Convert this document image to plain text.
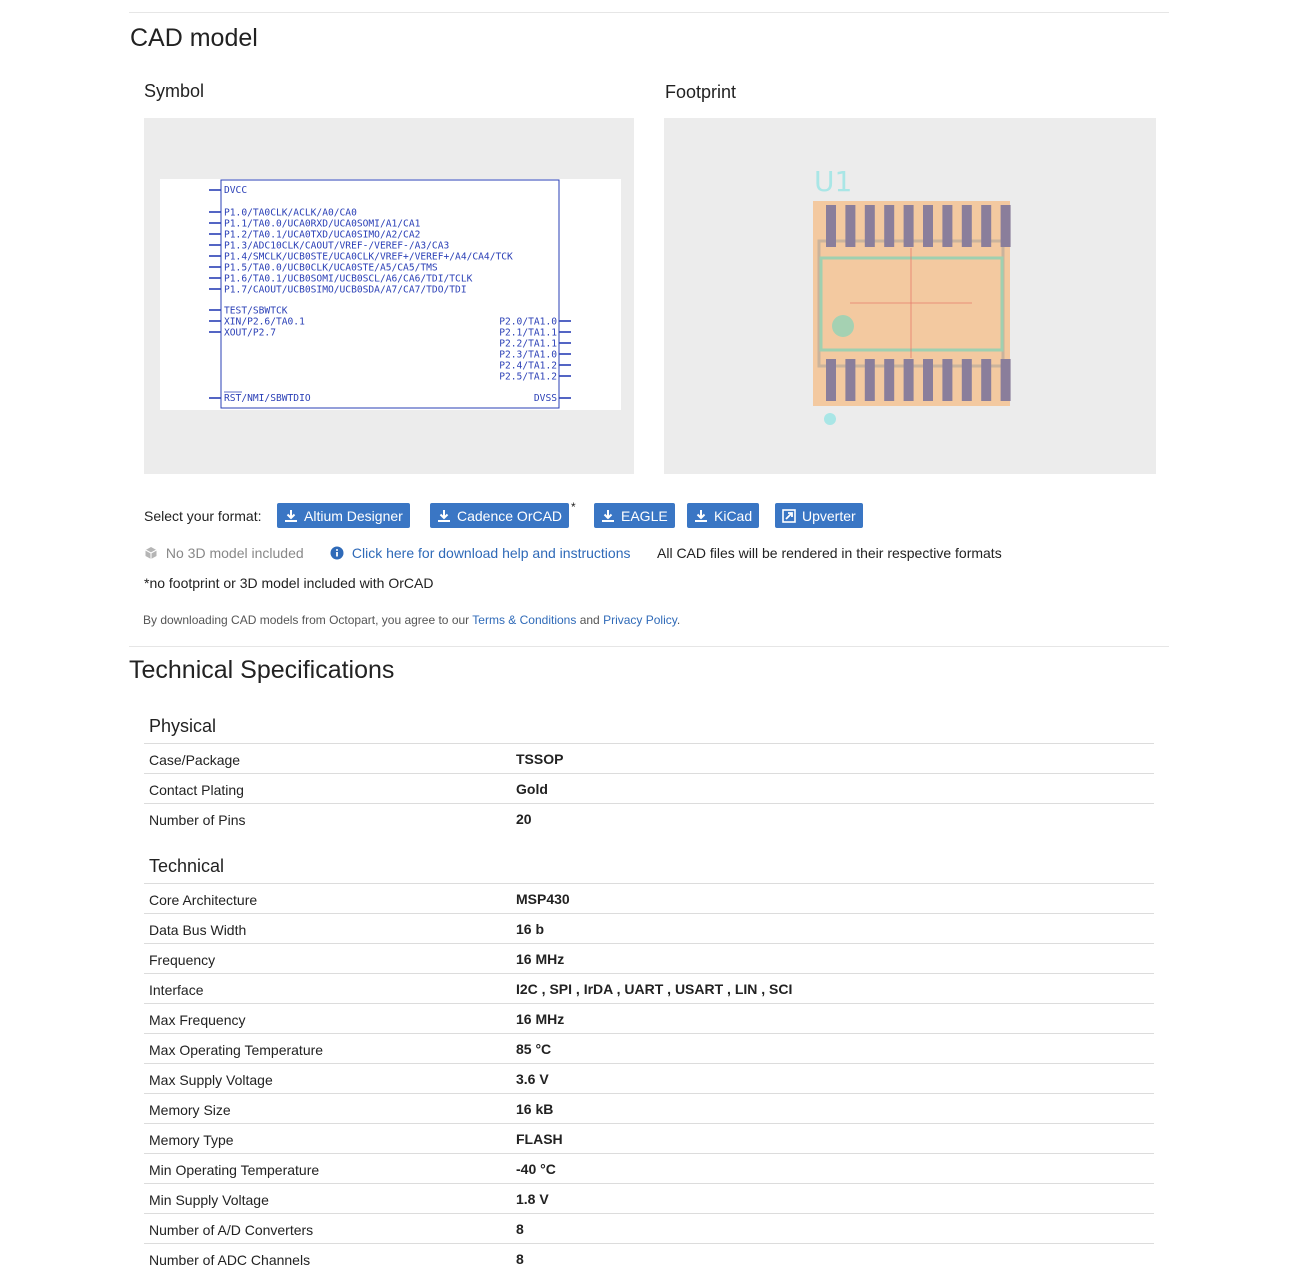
CAD model
Symbol	Footprint
DVCC
P1.0/TA0CLK/ACLK/A0/CA0
P1.1/TA0.0/UCA0RXD/UCA0SOMI/A1/CA1
P1.2/TA0.1/UCA0TXD/UCA0SIMO/A2/CA2
P1.3/ADC10CLK/CAOUT/VREF-/VEREF-/A3/CA3
P1.4/SMCLK/UCB0STE/UCA0CLK/VREF+/VEREF+/A4/CA4/TCK
P1.5/TA0.0/UCB0CLK/UCA0STE/A5/CA5/TMS
P1.6/TA0.1/UCB0SOMI/UCB0SCL/A6/CA6/TDI/TCLK
P1.7/CAOUT/UCB0SIMO/UCB0SDA/A7/CA7/TDO/TDI
TEST/SBWTCK
XIN/P2.6/TA0.1
XOUT/P2.7
P2.0/TA1.0
P2.1/TA1.1
P2.2/TA1.1
P2.3/TA1.0
P2.4/TA1.2
P2.5/TA1.2
RST/NMI/SBWTDIO	DVSS
U1
Select your format:	Altium Designer	Cadence OrCAD
*
EAGLE	KiCad	Upverter
No 3D model included	Click here for download help and instructions All CAD files will be rendered in their respective formats
*no footprint or 3D model included with OrCAD
By downloading CAD models from Octopart, you agree to our Terms & Conditions and Privacy Policy.
Technical Specifications
Physical
Case/Package	TSSOP
Contact Plating	Gold
Number of Pins	20
Technical
Core Architecture	MSP430
Data Bus Width	16 b
Frequency	16 MHz
Interface	I2C , SPI , IrDA , UART , USART , LIN , SCI
Max Frequency	16 MHz
Max Operating Temperature	85 °C
Max Supply Voltage	3.6 V
Memory Size	16 kB
Memory Type	FLASH
Min Operating Temperature	-40 °C
Min Supply Voltage	1.8 V
Number of A/D Converters	8
Number of ADC Channels	8
